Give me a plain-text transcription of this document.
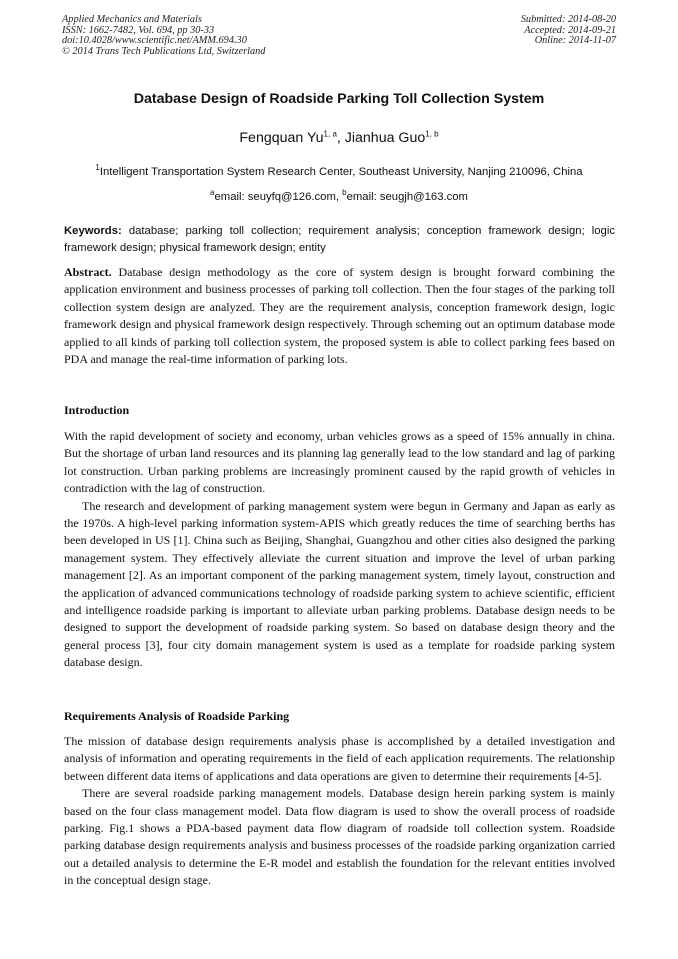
Applied Mechanics and Materials
ISSN: 1662-7482, Vol. 694, pp 30-33
doi:10.4028/www.scientific.net/AMM.694.30
© 2014 Trans Tech Publications Ltd, Switzerland
Submitted: 2014-08-20
Accepted: 2014-09-21
Online: 2014-11-07
Database Design of Roadside Parking Toll Collection System
Fengquan Yu$^{1, a}$, Jianhua Guo$^{1, b}$
$^1$Intelligent Transportation System Research Center, Southeast University, Nanjing 210096, China
$^a$email: seuyfq@126.com, $^b$email: seugjh@163.com
Keywords: database; parking toll collection; requirement analysis; conception framework design; logic framework design; physical framework design; entity
Abstract. Database design methodology as the core of system design is brought forward combining the application environment and business processes of parking toll collection. Then the four stages of the parking toll collection system design are analyzed. They are the requirement analysis, conception framework design, logic framework design and physical framework design respectively. Through scheming out an optimum database mode applied to all kinds of parking toll collection system, the proposed system is able to collect parking fees based on PDA and manage the real-time information of parking lots.
Introduction

With the rapid development of society and economy, urban vehicles grows as a speed of 15% annually in china. But the shortage of urban land resources and its planning lag generally lead to the low standard and lag of parking lot construction. Urban parking problems are increasingly prominent caused by the rapid growth of vehicles in contradiction with the lag of construction.

The research and development of parking management system were begun in Germany and Japan as early as the 1970s. A high-level parking information system-APIS which greatly reduces the time of searching berths has been developed in US [1]. China such as Beijing, Shanghai, Guangzhou and other cities also designed the parking management system. They effectively alleviate the current situation and improve the level of urban parking management [2]. As an important component of the parking management system, timely layout, construction and the application of advanced communications technology of roadside parking system to achieve scientific, efficient and intelligence roadside parking is important to alleviate urban parking problems. Database design needs to be designed to support the development of roadside parking system. So based on database design theory and the general process [3], four city domain management system is used as a template for roadside parking system database design.

Requirements Analysis of Roadside Parking

The mission of database design requirements analysis phase is accomplished by a detailed investigation and analysis of information and operating requirements in the field of each application requirements. The relationship between different data items of applications and data operations are given to determine their requirements [4-5].

There are several roadside parking management models. Database design herein parking system is mainly based on the four class management model. Data flow diagram is used to show the overall process of roadside parking. Fig.1 shows a PDA-based payment data flow diagram of roadside toll collection system. Roadside parking database design requirements analysis and business processes of the roadside parking organization carried out a detailed analysis to determine the E-R model and establish the foundation for the relevant entities involved in the conceptual design stage.
